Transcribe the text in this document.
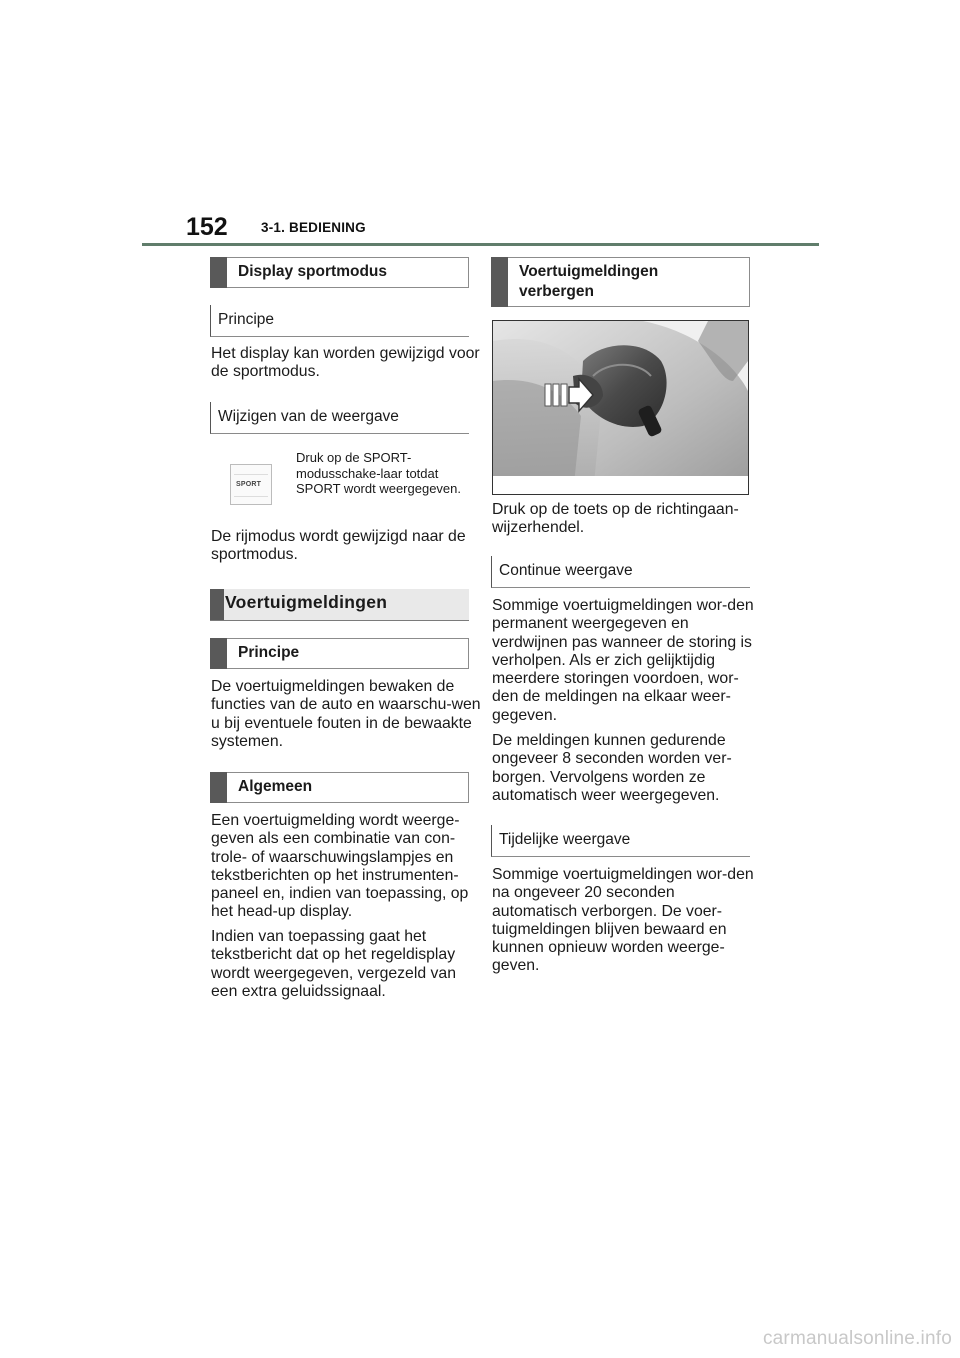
152 3-1. BEDIENING
Display sportmodus
Principe

Het display kan worden gewijzigd voor de sportmodus.

Wijzigen van de weergave
SPORT

Druk op de SPORT-modusschake-laar totdat SPORT wordt weergegeven.

De rijmodus wordt gewijzigd naar de sportmodus.

Voertuigmeldingen
Principe

De voertuigmeldingen bewaken de functies van de auto en waarschu-wen u bij eventuele fouten in de bewaakte systemen.

Algemeen

Een voertuigmelding wordt weerge-geven als een combinatie van con-trole- of waarschuwingslampjes en tekstberichten op het instrumenten-paneel en, indien van toepassing, op het head-up display.

Indien van toepassing gaat het tekstbericht dat op het regeldisplay wordt weergegeven, vergezeld van een extra geluidssignaal.

Voertuigmeldingen verbergen

Druk op de toets op de richtingaan-wijzerhendel.

Continue weergave

Sommige voertuigmeldingen wor-den permanent weergegeven en verdwijnen pas wanneer de storing is verholpen. Als er zich gelijktijdig meerdere storingen voordoen, wor-den de meldingen na elkaar weer-gegeven.

De meldingen kunnen gedurende ongeveer 8 seconden worden ver-borgen. Vervolgens worden ze automatisch weer weergegeven.

Tijdelijke weergave

Sommige voertuigmeldingen wor-den na ongeveer 20 seconden automatisch verborgen. De voer-tuigmeldingen blijven bewaard en kunnen opnieuw worden weerge-geven.

carmanualsonline.info
